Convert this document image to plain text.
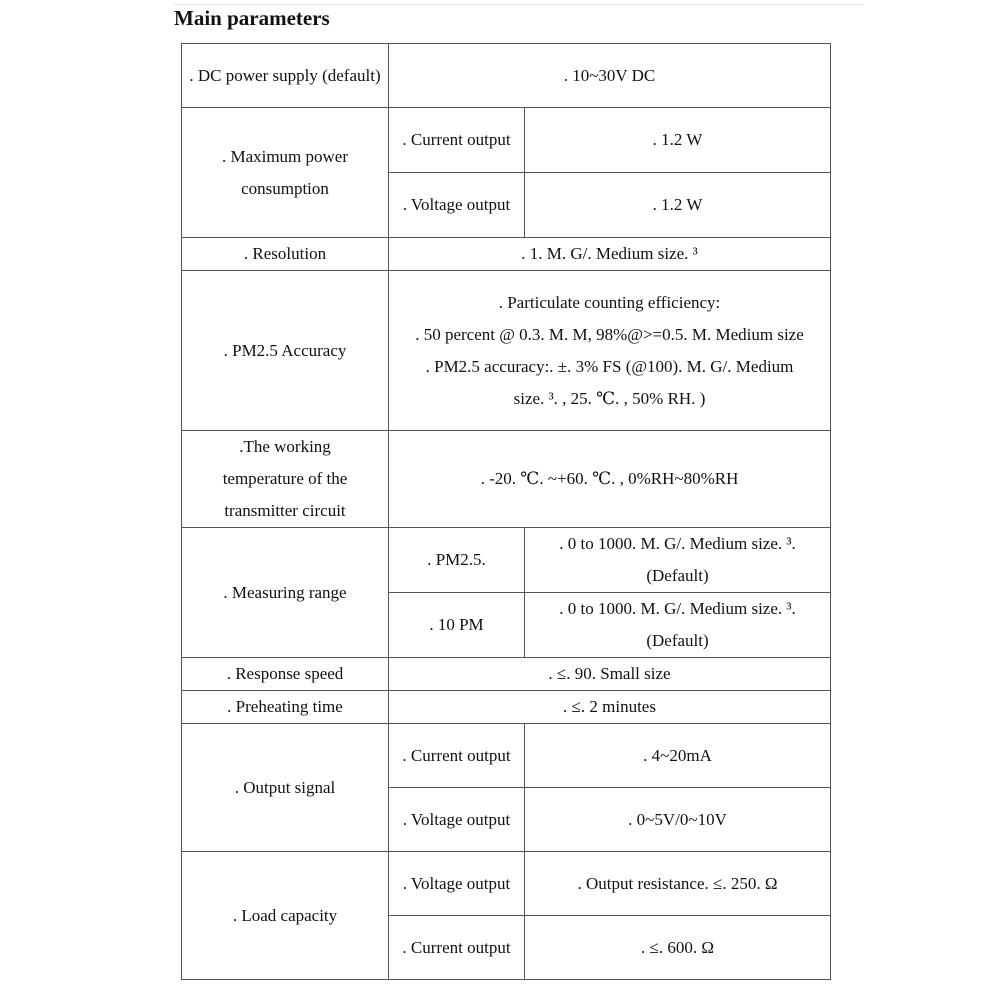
Main parameters
. DC power supply (default)	. 10~30V DC	
. Maximum power consumption	. Current output	. 1.2 W
	. Voltage output	. 1.2 W
. Resolution	. 1. M. G/. Medium size. ³	
. PM2.5 Accuracy	. Particulate counting efficiency:
. 50 percent @ 0.3. M. M, 98%@>=0.5. M. Medium size
. PM2.5 accuracy:. ±. 3% FS (@100). M. G/. Medium size. ³. , 25. ℃. , 50% RH. )	

.The working temperature of the transmitter circuit	. -20. ℃. ~+60. ℃. , 0%RH~80%RH	
. Measuring range	. PM2.5.	. 0 to 1000. M. G/. Medium size. ³. (Default)
	. 10 PM	. 0 to 1000. M. G/. Medium size. ³. (Default)
. Response speed	. ≤. 90. Small size	
. Preheating time	. ≤. 2 minutes	
. Output signal	. Current output	. 4~20mA
	. Voltage output	. 0~5V/0~10V
. Load capacity	. Voltage output	. Output resistance. ≤. 250. Ω
	. Current output	. ≤. 600. Ω
